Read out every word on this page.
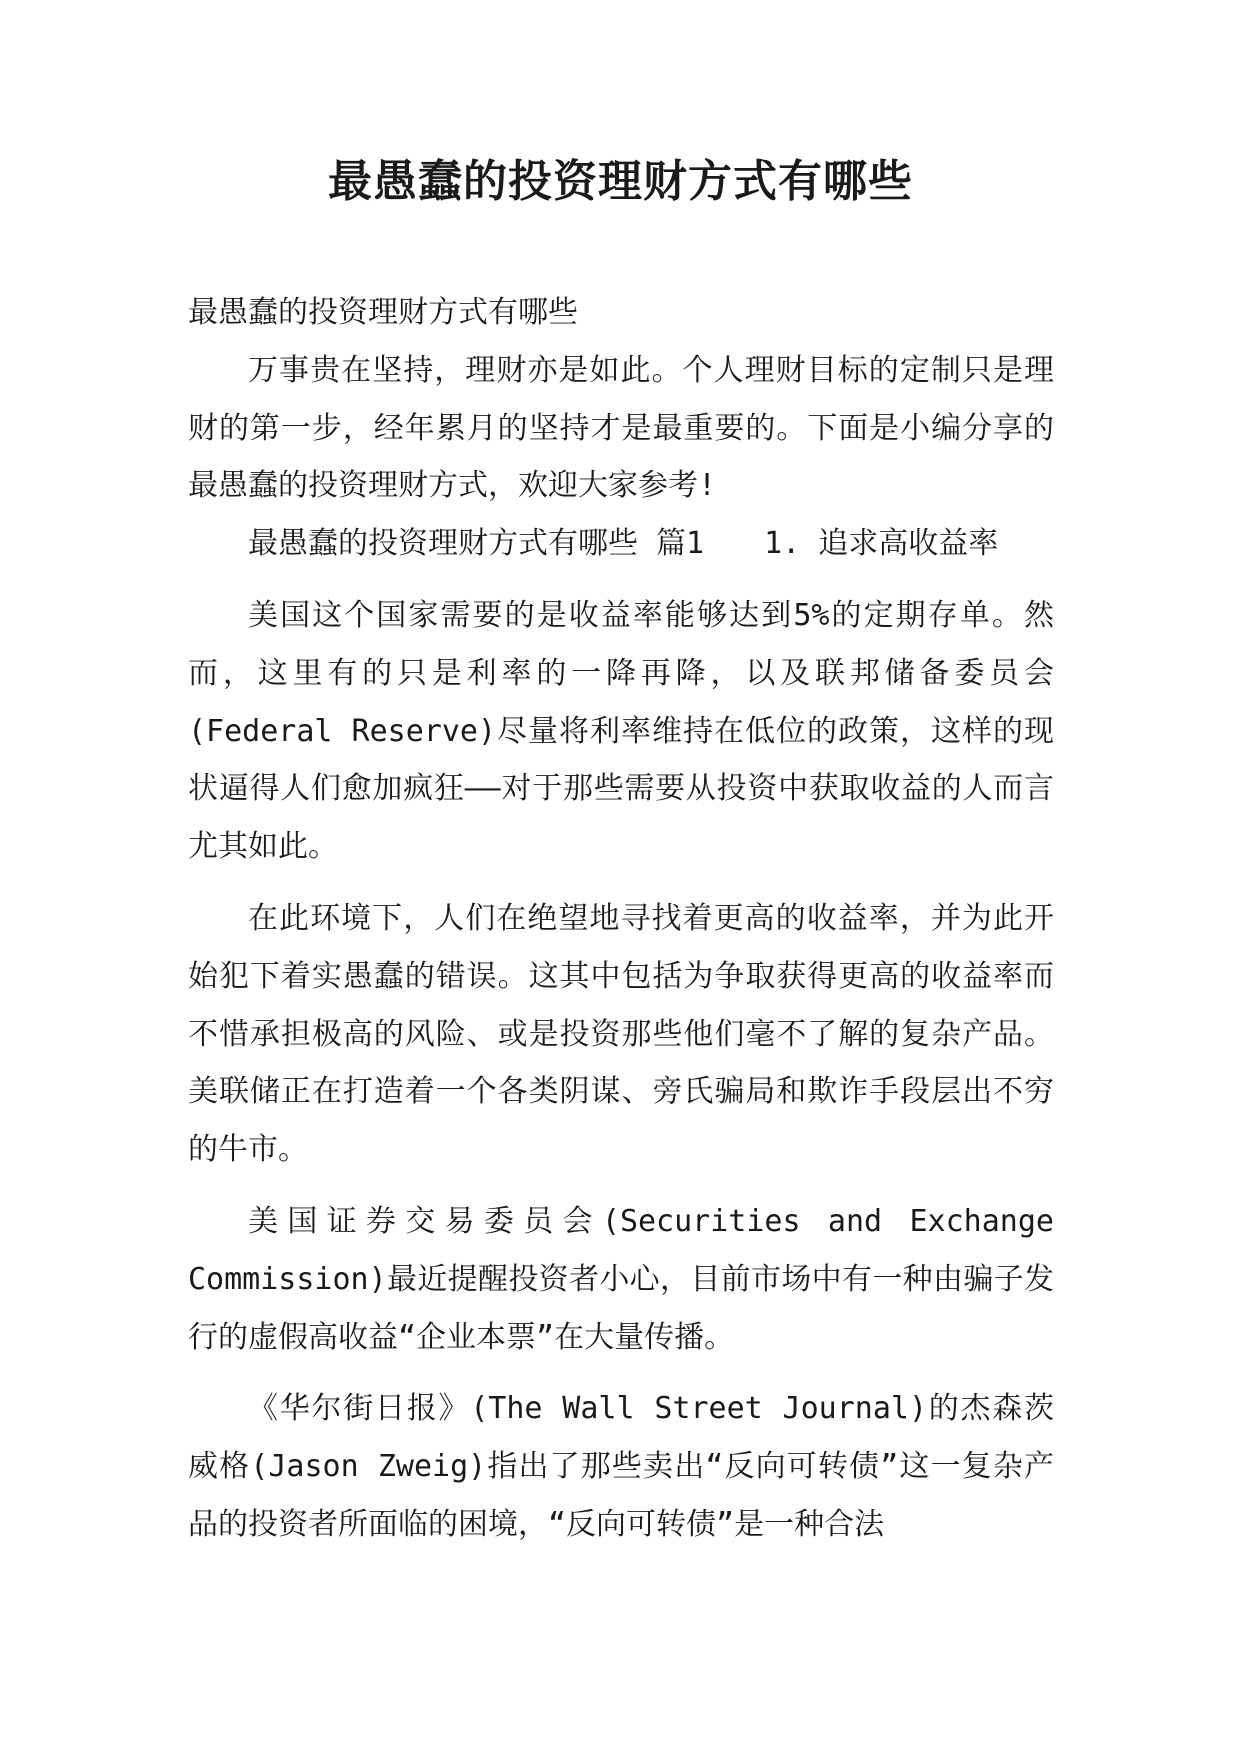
最愚蠢的投资理财方式有哪些

最愚蠢的投资理财方式有哪些

万事贵在坚持，理财亦是如此。个人理财目标的定制只是理财的第一步，经年累月的坚持才是最重要的。下面是小编分享的最愚蠢的投资理财方式，欢迎大家参考!

最愚蠢的投资理财方式有哪些 篇1　　1. 追求高收益率

美国这个国家需要的是收益率能够达到5%的定期存单。然而，这里有的只是利率的一降再降，以及联邦储备委员会(Federal Reserve)尽量将利率维持在低位的政策，这样的现状逼得人们愈加疯狂——对于那些需要从投资中获取收益的人而言尤其如此。

在此环境下，人们在绝望地寻找着更高的收益率，并为此开始犯下着实愚蠢的错误。这其中包括为争取获得更高的收益率而不惜承担极高的风险、或是投资那些他们毫不了解的复杂产品。美联储正在打造着一个各类阴谋、旁氏骗局和欺诈手段层出不穷的牛市。

美国证券交易委员会(Securities and Exchange Commission)最近提醒投资者小心，目前市场中有一种由骗子发行的虚假高收益“企业本票”在大量传播。

《华尔街日报》(The Wall Street Journal)的杰森茨威格(Jason Zweig)指出了那些卖出“反向可转债”这一复杂产品的投资者所面临的困境，“反向可转债”是一种合法
